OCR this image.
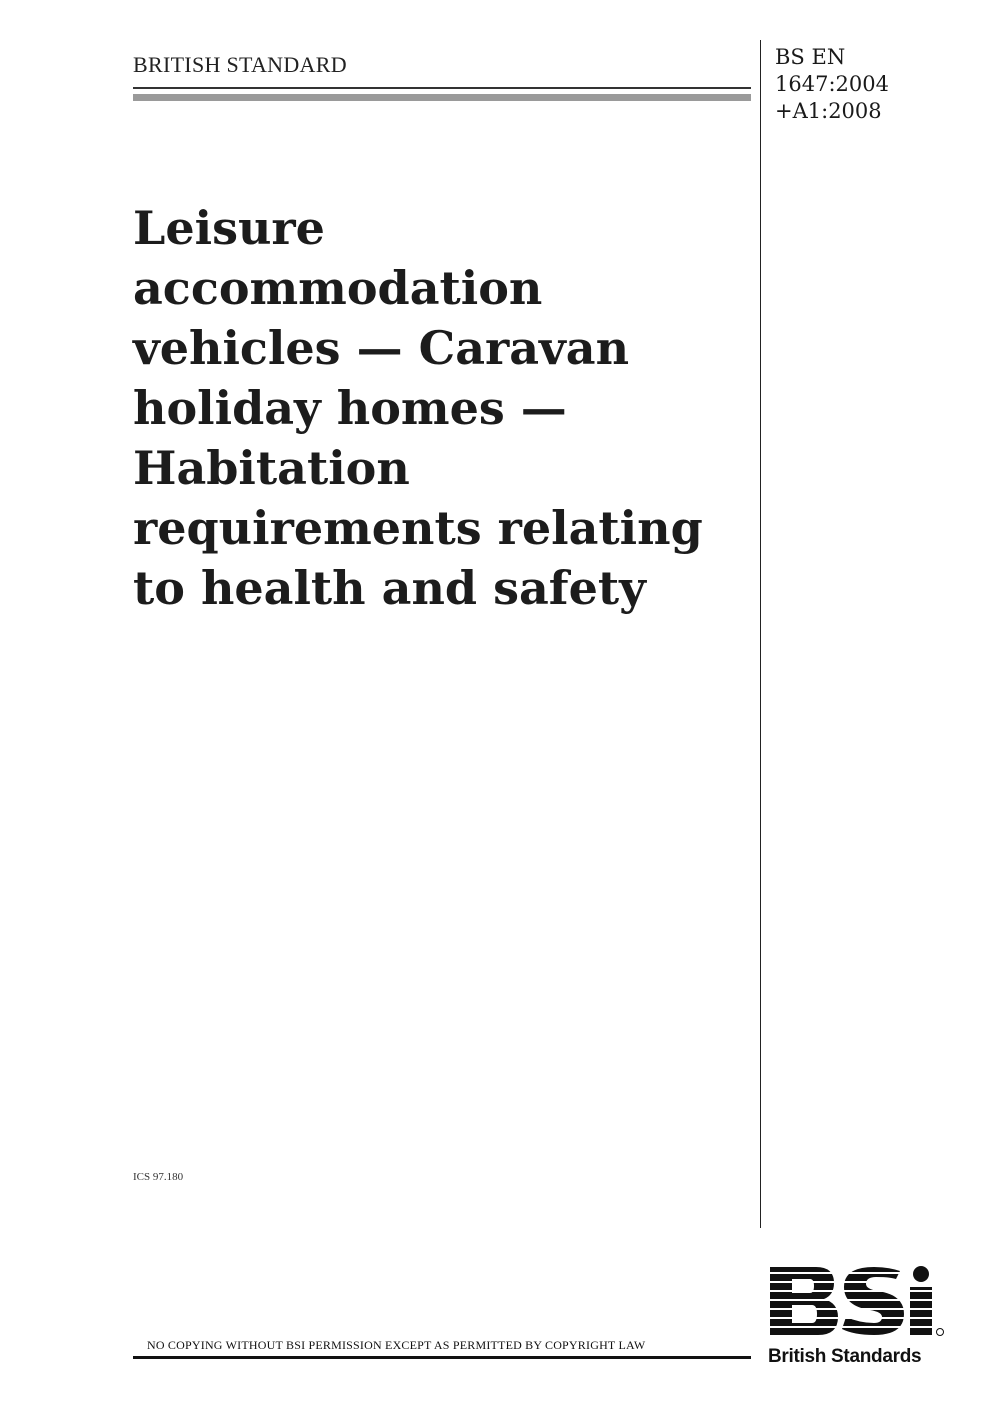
BRITISH STANDARD	BS EN
1647:2004
+A1:2008
Leisure
accommodation
vehicles — Caravan
holiday homes —
Habitation
requirements relating
to health and safety
ICS 97.180
NO COPYING WITHOUT BSI PERMISSION EXCEPT AS PERMITTED BY COPYRIGHT LAW
British Standards
